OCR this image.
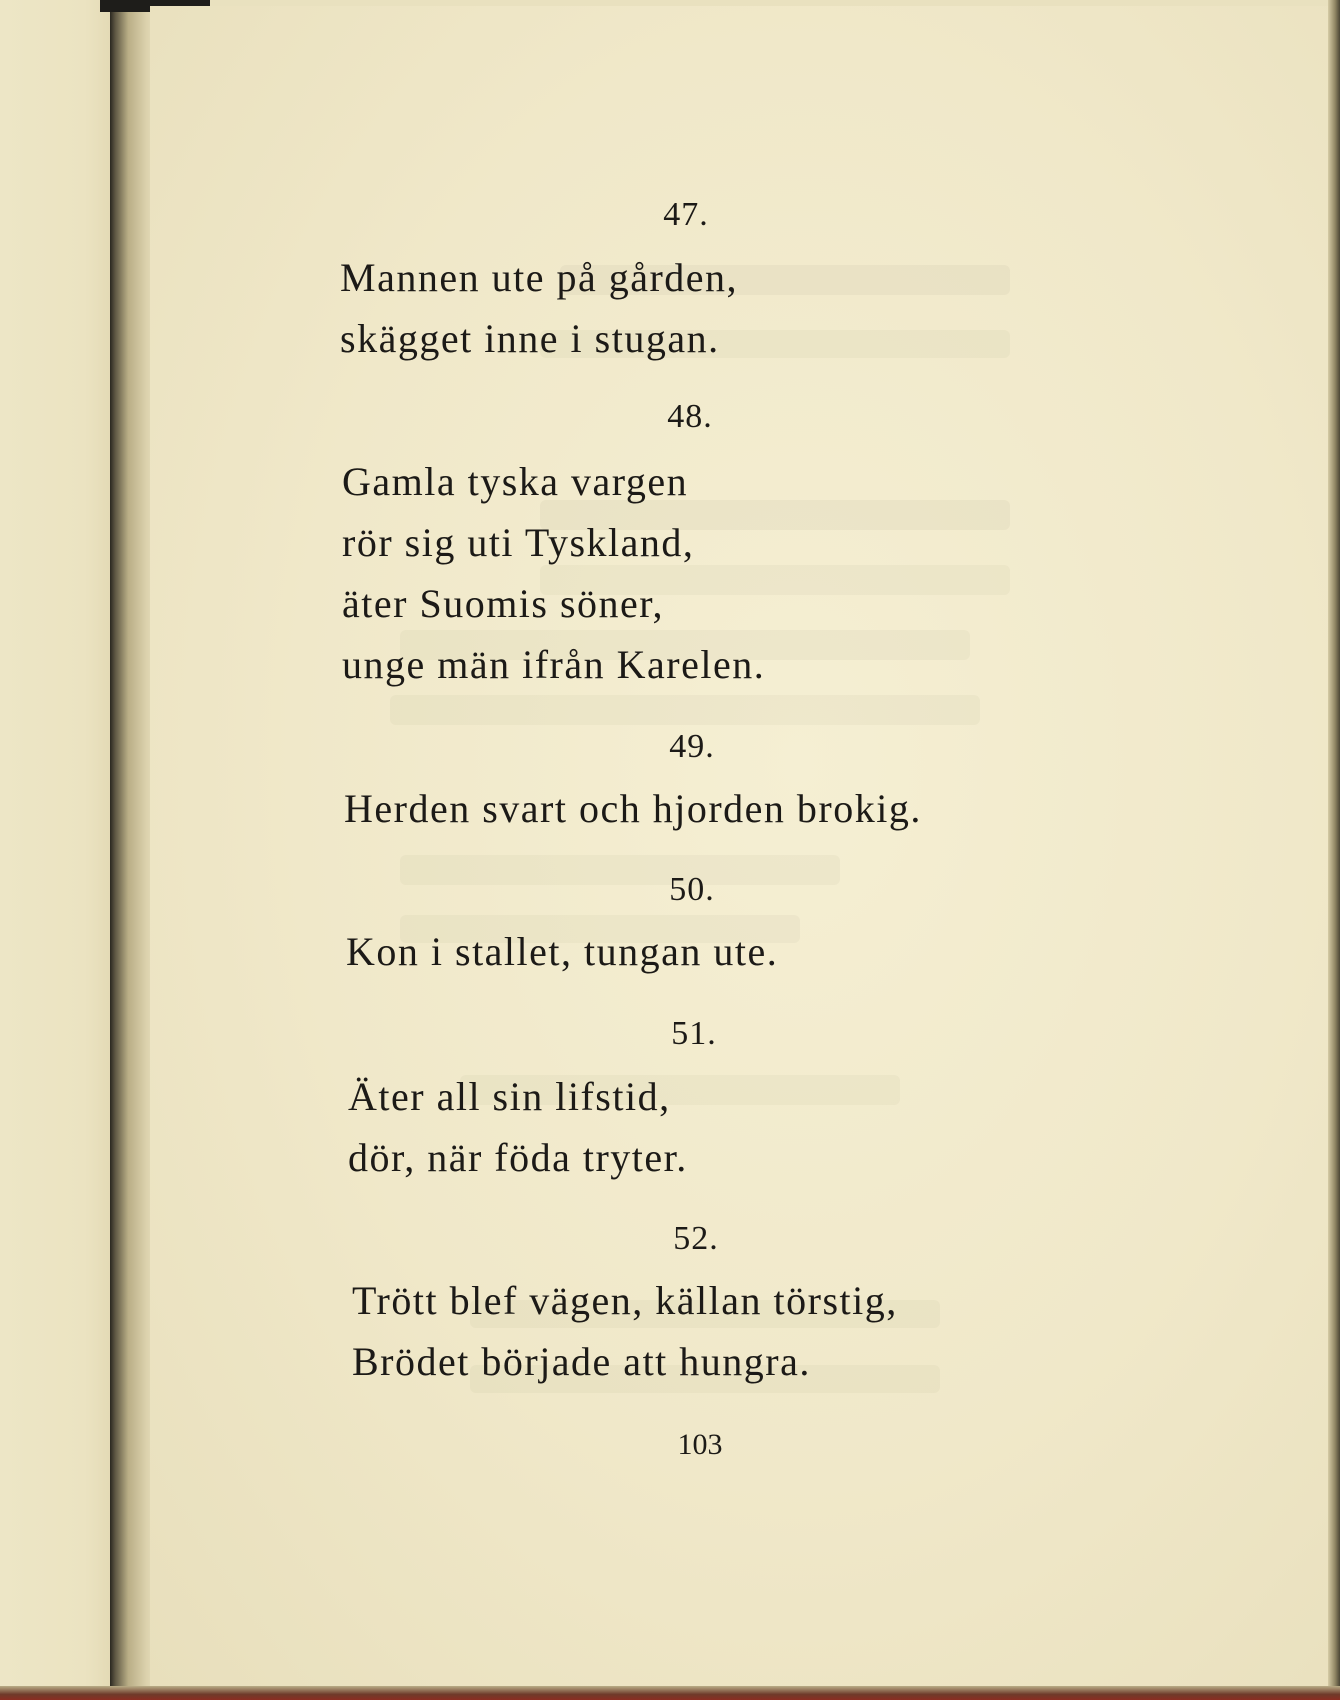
47.
Mannen ute på gården,
skägget inne i stugan.
48.
Gamla tyska vargen
rör sig uti Tyskland,
äter Suomis söner,
unge män ifrån Karelen.
49.
Herden svart och hjorden brokig.
50.
Kon i stallet, tungan ute.
51.
Äter all sin lifstid,
dör, när föda tryter.
52.
Trött blef vägen, källan törstig,
Brödet började att hungra.
103
